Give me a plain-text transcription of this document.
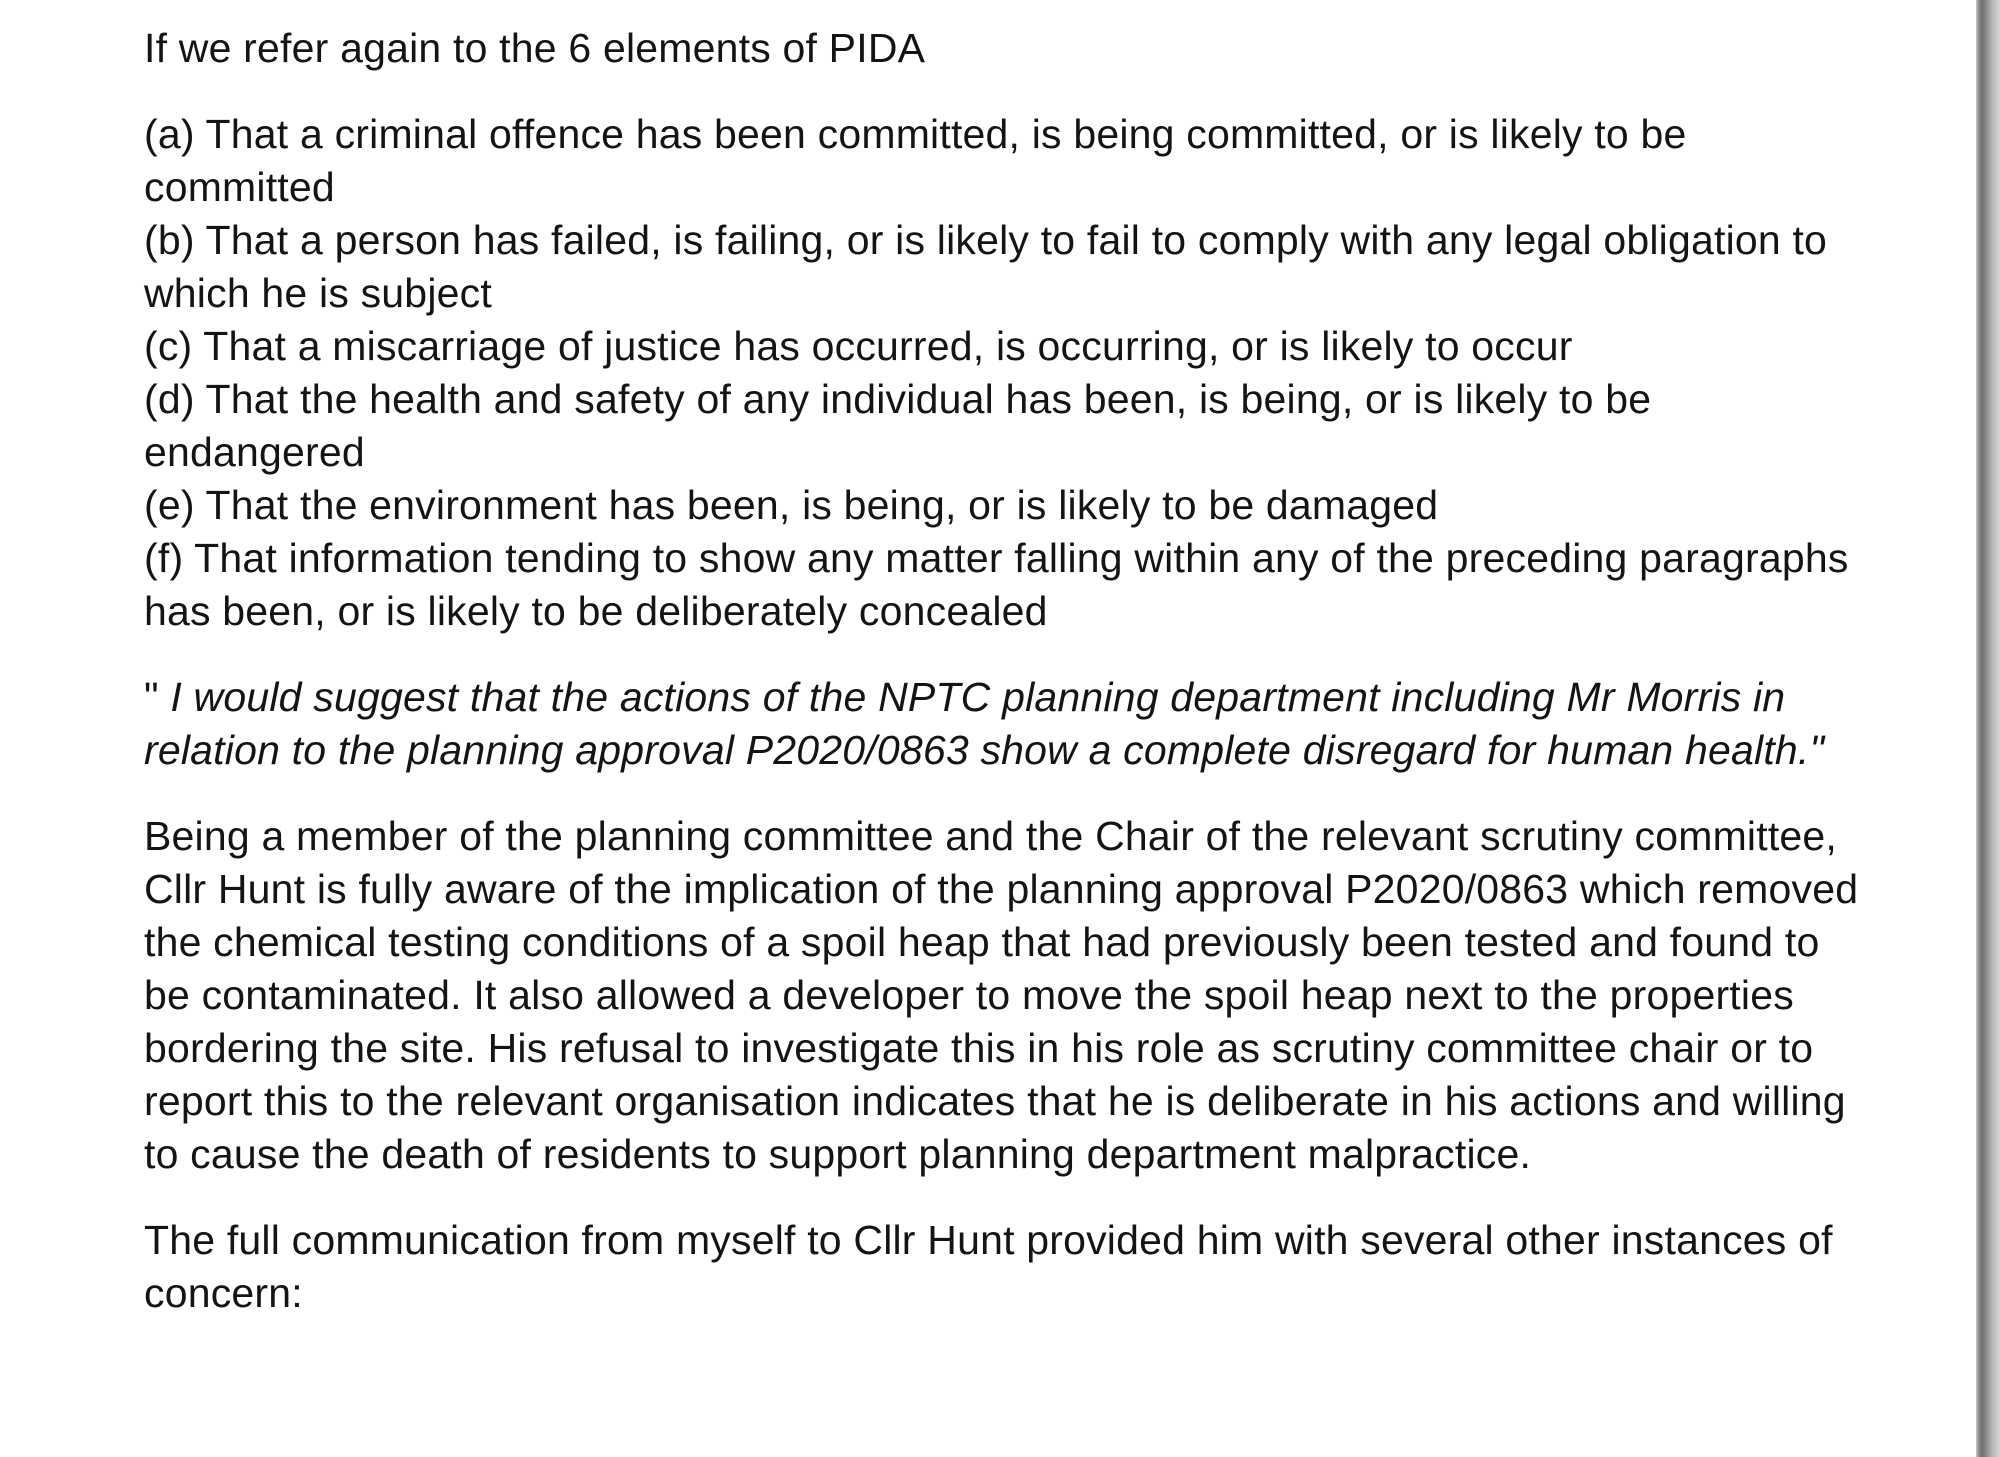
If we refer again to the 6 elements of PIDA

(a) That a criminal offence has been committed, is being committed, or is likely to be committed

(b) That a person has failed, is failing, or is likely to fail to comply with any legal obligation to which he is subject

(c) That a miscarriage of justice has occurred, is occurring, or is likely to occur

(d) That the health and safety of any individual has been, is being, or is likely to be endangered

(e) That the environment has been, is being, or is likely to be damaged

(f) That information tending to show any matter falling within any of the preceding paragraphs has been, or is likely to be deliberately concealed

" I would suggest that the actions of the NPTC planning department including Mr Morris in relation to the planning approval P2020/0863 show a complete disregard for human health."

Being a member of the planning committee and the Chair of the relevant scrutiny committee, Cllr Hunt is fully aware of the implication of the planning approval P2020/0863 which removed the chemical testing conditions of a spoil heap that had previously been tested and found to be contaminated. It also allowed a developer to move the spoil heap next to the properties bordering the site. His refusal to investigate this in his role as scrutiny committee chair or to report this to the relevant organisation indicates that he is deliberate in his actions and willing to cause the death of residents to support planning department malpractice.

The full communication from myself to Cllr Hunt provided him with several other instances of concern:
